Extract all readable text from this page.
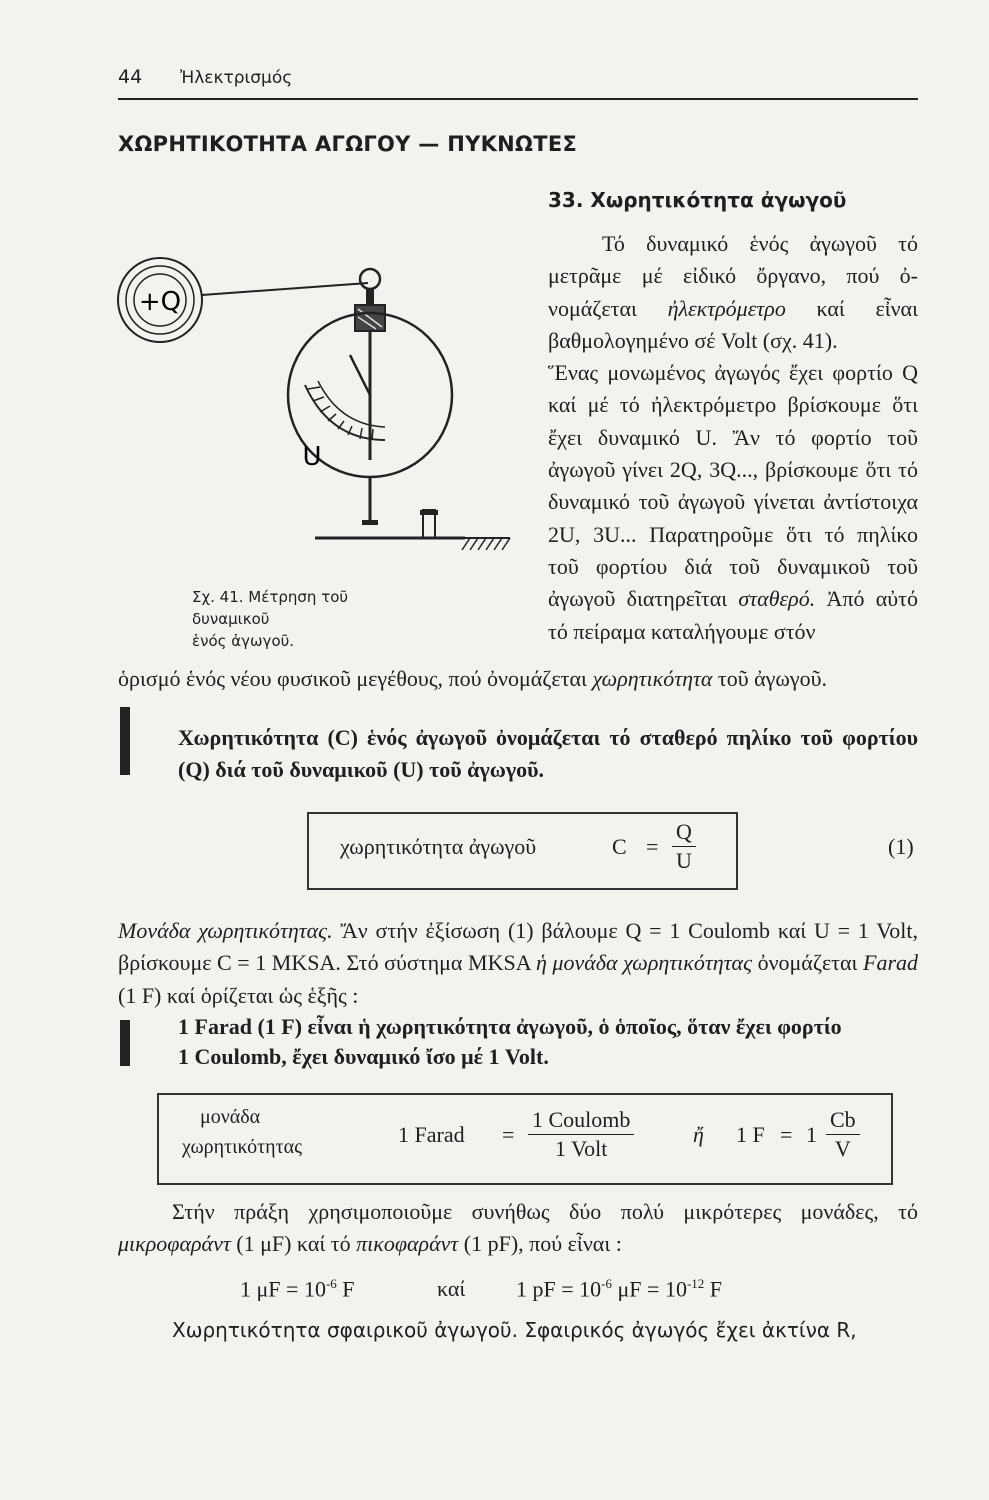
44 Ἠλεκτρισμός
ΧΩΡΗΤΙΚΟΤΗΤΑ ΑΓΩΓΟΥ — ΠΥΚΝΩΤΕΣ
33. Χωρητικότητα ἀγωγοῦ

Τό δυναμικό ἑνός ἀγωγοῦ τό μετρᾶμε μέ εἰδικό ὄργανο, πού ὀ-νομάζεται ἠλεκτρόμετρο καί εἶναι βαθμολογημένο σέ Volt (σχ. 41).

Ἕνας μονωμένος ἀγωγός ἔχει φορτίο Q καί μέ τό ἠλεκτρόμετρο βρίσκουμε ὅτι ἔχει δυναμικό U. Ἄν τό φορτίο τοῦ ἀγωγοῦ γίνει 2Q, 3Q..., βρίσκουμε ὅτι τό δυναμικό τοῦ ἀγωγοῦ γίνεται ἀντίστοιχα 2U, 3U... Παρατηροῦμε ὅτι τό πηλίκο τοῦ φορτίου διά τοῦ δυναμικοῦ τοῦ ἀγωγοῦ διατηρεῖται σταθερό. Ἀπό αὐτό τό πείραμα καταλήγουμε στόν

+Q
U
Σχ. 41. Μέτρηση τοῦ δυναμικοῦ
ἑνός ἀγωγοῦ.
ὁρισμό ἑνός νέου φυσικοῦ μεγέθους, πού ὀνομάζεται χωρητικότητα τοῦ ἀγωγοῦ.
Χωρητικότητα (C) ἑνός ἀγωγοῦ ὀνομάζεται τό σταθερό πηλίκο τοῦ φορτίου (Q) διά τοῦ δυναμικοῦ (U) τοῦ ἀγωγοῦ.
χωρητικότητα ἀγωγοῦ	$C = \frac{Q}{U}$	(1)
Μονάδα χωρητικότητας. Ἄν στήν ἐξίσωση (1) βάλουμε Q = 1 Coulomb καί U = 1 Volt, βρίσκουμε C = 1 MKSA. Στό σύστημα MKSA ἡ μονάδα χωρητικότητας ὀνομάζεται Farad (1 F) καί ὁρίζεται ὡς ἑξῆς :
1 Farad (1 F) εἶναι ἡ χωρητικότητα ἀγωγοῦ, ὁ ὁποῖος, ὅταν ἔχει φορτίο
1 Coulomb, ἔχει δυναμικό ἴσο μέ 1 Volt.
μονάδα
χωρητικότητας	1 Farad =
1 Coulomb
1 Volt
ἤ 1 $F = 1 \frac{Cb}{V}$
Στήν πράξη χρησιμοποιοῦμε συνήθως δύο πολύ μικρότερες μονάδες, τό μικροφαράντ (1 μF) καί τό πικοφαράντ (1 pF), πού εἶναι :
1 $\mu F = 10^{-6}$ F	καί 1 pF = $10^{-6}$ $\mu F = 10^{-12}$ F
Χωρητικότητα σφαιρικοῦ ἀγωγοῦ. Σφαιρικός ἀγωγός ἔχει ἀκτίνα R,
